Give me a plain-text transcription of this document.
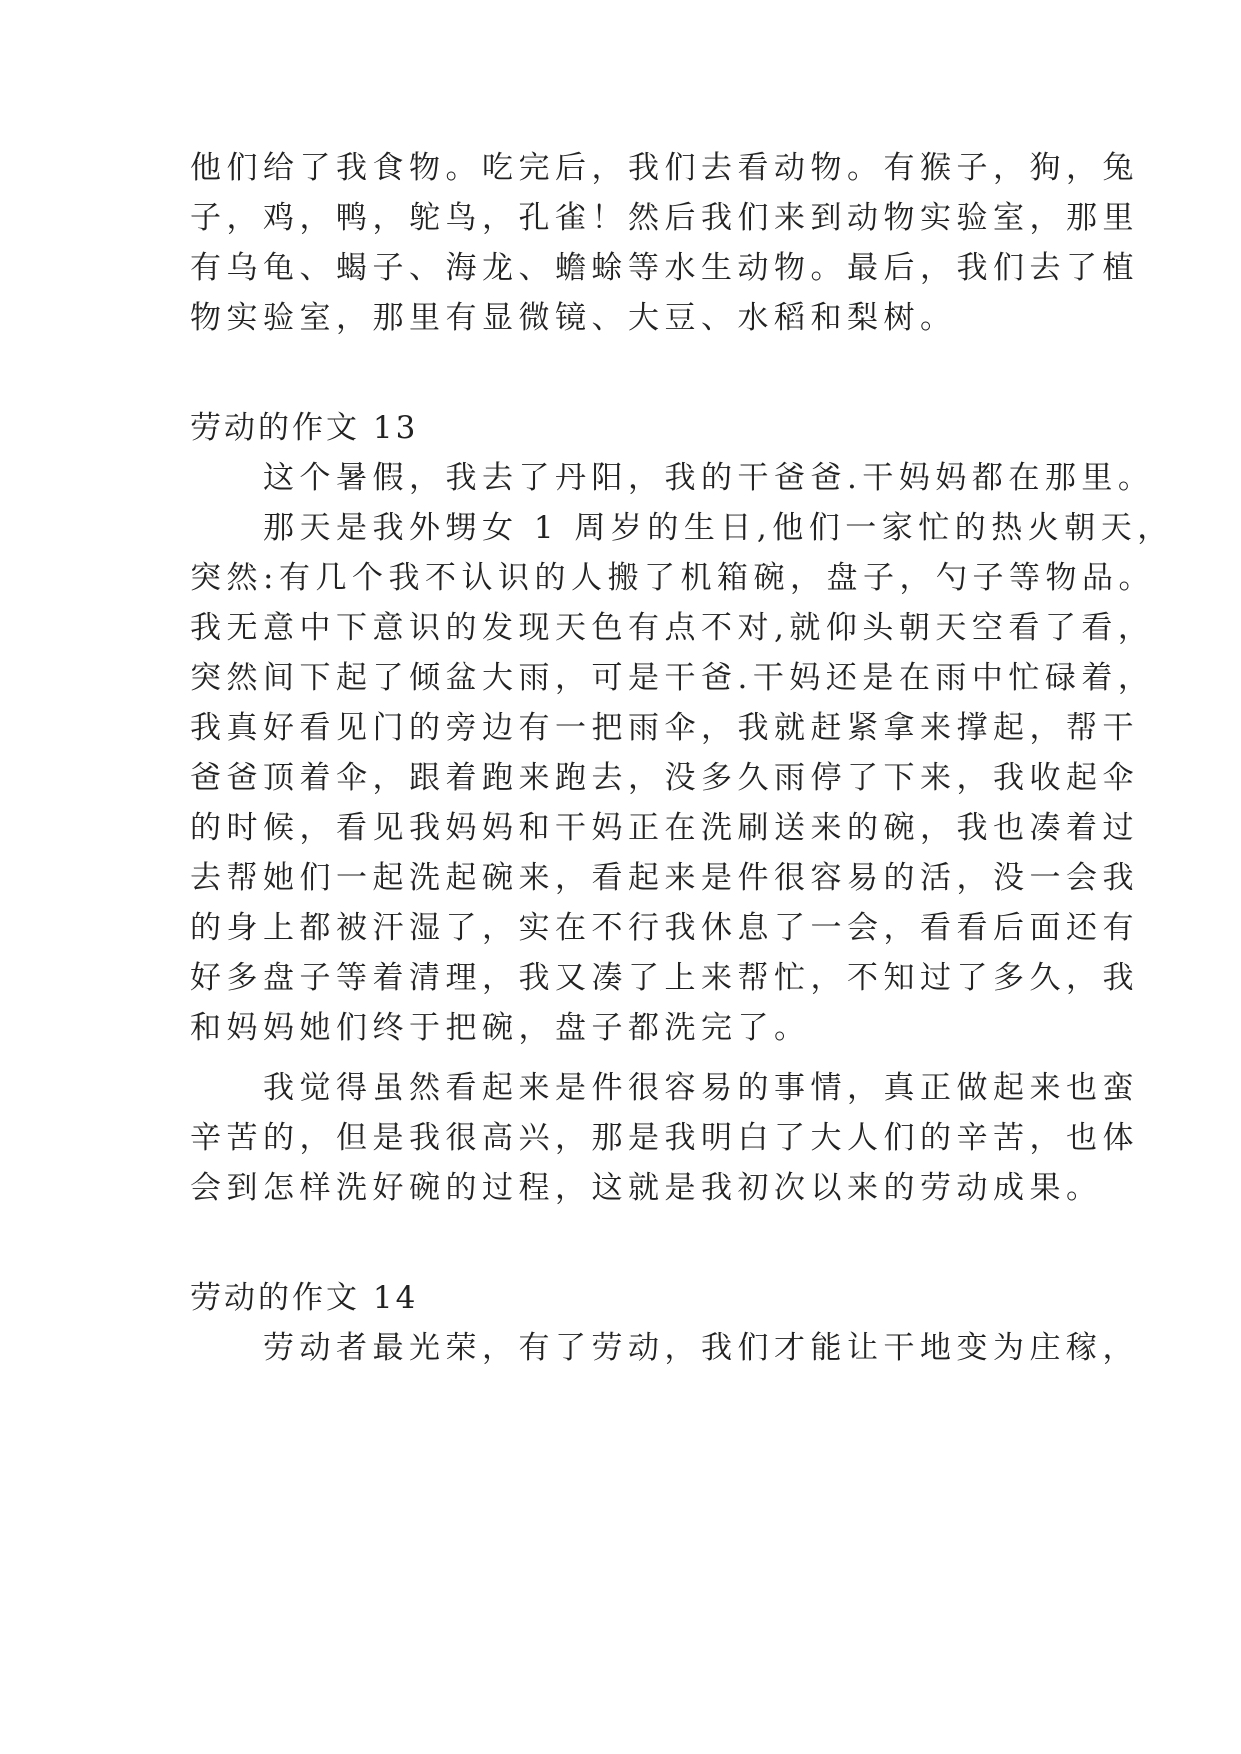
他们给了我食物。吃完后，我们去看动物。有猴子，狗，兔
子，鸡，鸭，鸵鸟，孔雀！然后我们来到动物实验室，那里
有乌龟、蝎子、海龙、蟾蜍等水生动物。最后，我们去了植
物实验室，那里有显微镜、大豆、水稻和梨树。
劳动的作文 13
　　这个暑假，我去了丹阳，我的干爸爸.干妈妈都在那里。
　　那天是我外甥女 1 周岁的生日,他们一家忙的热火朝天，
突然:有几个我不认识的人搬了机箱碗，盘子，勺子等物品。
我无意中下意识的发现天色有点不对,就仰头朝天空看了看，
突然间下起了倾盆大雨，可是干爸.干妈还是在雨中忙碌着，
我真好看见门的旁边有一把雨伞，我就赶紧拿来撑起，帮干
爸爸顶着伞，跟着跑来跑去，没多久雨停了下来，我收起伞
的时候，看见我妈妈和干妈正在洗刷送来的碗，我也凑着过
去帮她们一起洗起碗来，看起来是件很容易的活，没一会我
的身上都被汗湿了，实在不行我休息了一会，看看后面还有
好多盘子等着清理，我又凑了上来帮忙，不知过了多久，我
和妈妈她们终于把碗，盘子都洗完了。
　　我觉得虽然看起来是件很容易的事情，真正做起来也蛮
辛苦的，但是我很高兴，那是我明白了大人们的辛苦，也体
会到怎样洗好碗的过程，这就是我初次以来的劳动成果。
劳动的作文 14
　　劳动者最光荣，有了劳动，我们才能让干地变为庄稼，
